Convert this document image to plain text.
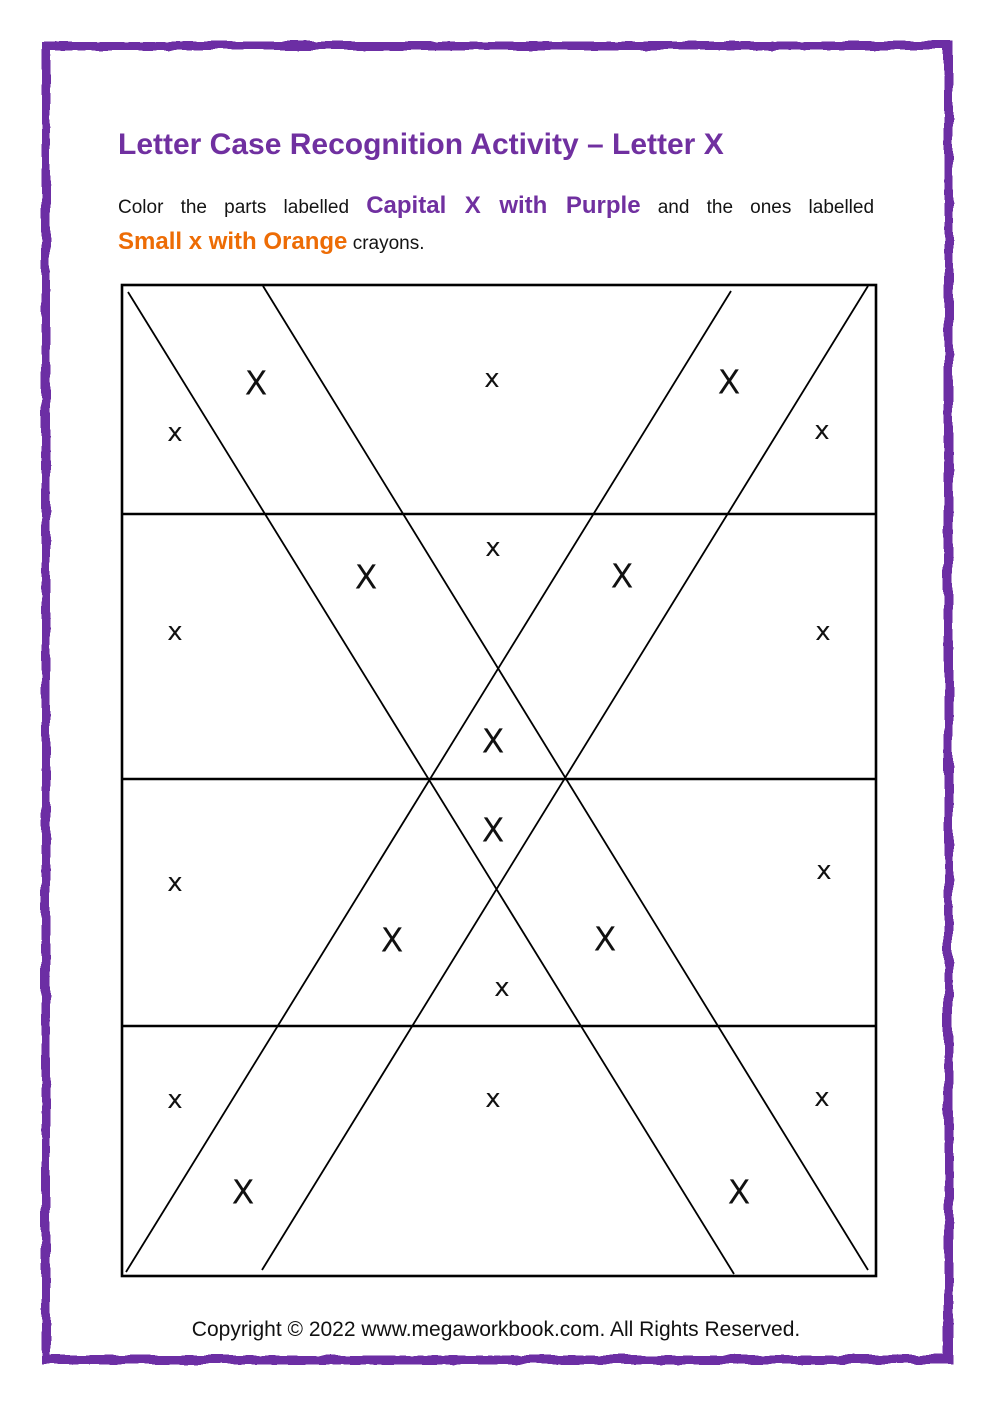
X	x	X
x	x
x
X	X
x	x
X
X
x	x
X	X
x
x	x	x
X	X
Letter Case Recognition Activity – Letter X
Color the parts labelled Capital X with Purple and the ones labelled
Small x with Orange crayons.
Copyright © 2022 www.megaworkbook.com. All Rights Reserved.
